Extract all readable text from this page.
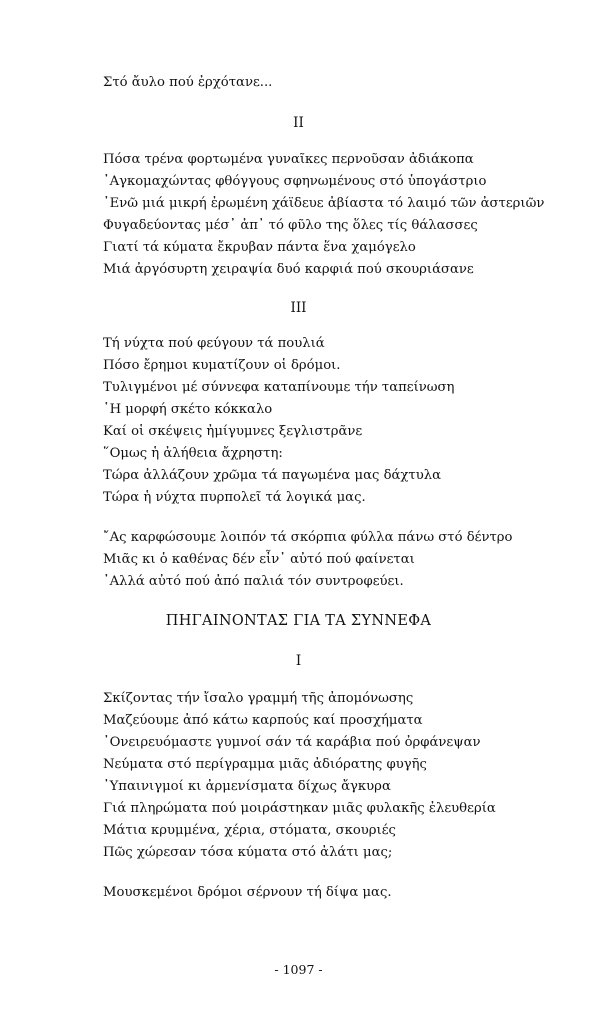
Στό ἄυλο πού ἐρχότανε...
II
Πόσα τρένα φορτωμένα γυναῖκες περνοῦσαν ἀδιάκοπα
᾿Αγκομαχώντας φθόγγους σφηνωμένους στό ὑπογάστριο
᾿Ενῶ μιά μικρή ἐρωμένη χάϊδευε ἀβίαστα τό λαιμό τῶν ἀστεριῶν
Φυγαδεύοντας μέσ᾿ ἀπ᾿ τό φῦλο της ὅλες τίς θάλασσες
Γιατί τά κύματα ἔκρυβαν πάντα ἕνα χαμόγελο
Μιά ἀργόσυρτη χειραψία δυό καρφιά πού σκουριάσανε
III
Τή νύχτα πού φεύγουν τά πουλιά
Πόσο ἔρημοι κυματίζουν οἱ δρόμοι.
Τυλιγμένοι μέ σύννεφα καταπίνουμε τήν ταπείνωση
῾Η μορφή σκέτο κόκκαλο
Καί οἱ σκέψεις ἠμίγυμνες ξεγλιστρᾶνε
῞Ομως ἡ ἀλήθεια ἄχρηστη:
Τώρα ἀλλάζουν χρῶμα τά παγωμένα μας δάχτυλα
Τώρα ἡ νύχτα πυρπολεῖ τά λογικά μας.
῎Ας καρφώσουμε λοιπόν τά σκόρπια φύλλα πάνω στό δέντρο
Μιᾶς κι ὁ καθένας δέν εἶν᾿ αὐτό πού φαίνεται
᾿Αλλά αὐτό πού ἀπό παλιά τόν συντροφεύει.
ΠΗΓΑΙΝΟΝΤΑΣ ΓΙΑ ΤΑ ΣΥΝΝΕΦΑ
I
Σκίζοντας τήν ἴσαλο γραμμή τῆς ἀπομόνωσης
Μαζεύουμε ἀπό κάτω καρπούς καί προσχήματα
᾿Ονειρευόμαστε γυμνοί σάν τά καράβια πού ὀρφάνεψαν
Νεύματα στό περίγραμμα μιᾶς ἀδιόρατης φυγῆς
᾿Υπαινιγμοί κι ἀρμενίσματα δίχως ἄγκυρα
Γιά πληρώματα πού μοιράστηκαν μιᾶς φυλακῆς ἐλευθερία
Μάτια κρυμμένα, χέρια, στόματα, σκουριές
Πῶς χώρεσαν τόσα κύματα στό ἀλάτι μας;
Μουσκεμένοι δρόμοι σέρνουν τή δίψα μας.
- 1097 -
